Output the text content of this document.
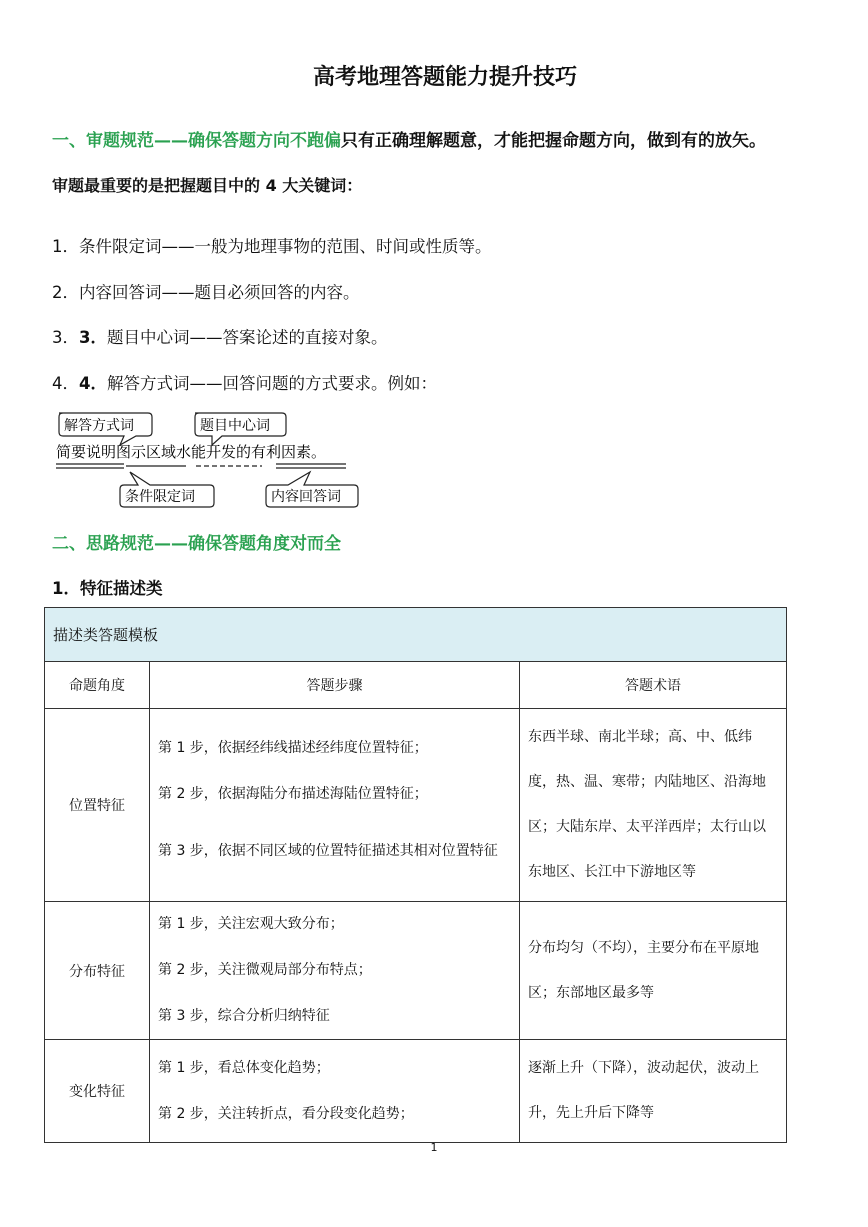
高考地理答题能力提升技巧
一、审题规范——确保答题方向不跑偏只有正确理解题意，才能把握命题方向，做到有的放矢。
审题最重要的是把握题目中的 4 大关键词：
1．条件限定词——一般为地理事物的范围、时间或性质等。
2．内容回答词——题目必须回答的内容。
3．3．题目中心词——答案论述的直接对象。
4．4．解答方式词——回答问题的方式要求。例如：
解答方式词	题目中心词
简要说明图示区域水能开发的有利因素。
条件限定词	内容回答词
二、思路规范——确保答题角度对而全
1．特征描述类
描述类答题模板		
命题角度	答题步骤	答题术语
位置特征	第 1 步，依据经纬线描述经纬度位置特征；

第 2 步，依据海陆分布描述海陆位置特征；

第 3 步，依据不同区域的位置特征描述其相对位置特征	东西半球、南北半球；高、中、低纬度，热、温、寒带；内陆地区、沿海地区；大陆东岸、太平洋西岸；太行山以东地区、长江中下游地区等
分布特征	第 1 步，关注宏观大致分布；

第 2 步，关注微观局部分布特点；

第 3 步，综合分析归纳特征	分布均匀（不均），主要分布在平原地区；东部地区最多等
变化特征	第 1 步，看总体变化趋势；

第 2 步，关注转折点，看分段变化趋势；	逐渐上升（下降），波动起伏，波动上升，先上升后下降等
1
